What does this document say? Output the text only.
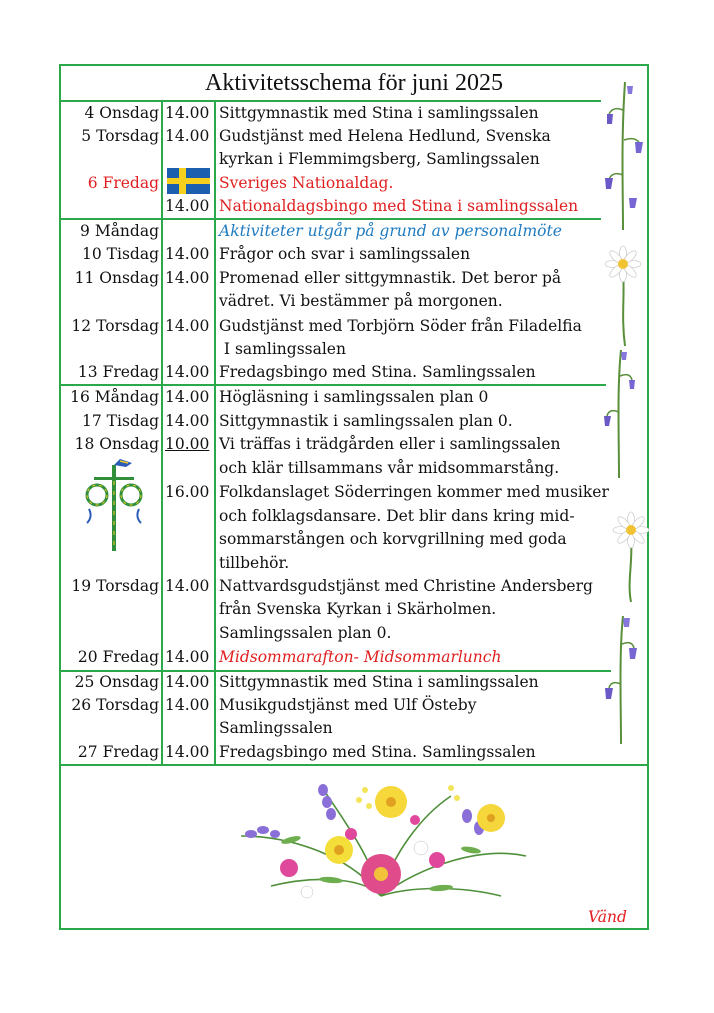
Aktivitetsschema för juni 2025
4 Onsdag 14.00 Sittgymnastik med Stina i samlingssalen
5 Torsdag 14.00 Gudstjänst med Helena Hedlund, Svenska
kyrkan i Flemmimgsberg, Samlingssalen
6 Fredag	Sveriges Nationaldag.
14.00 Nationaldagsbingo med Stina i samlingssalen
9 Måndag	Aktiviteter utgår på grund av personalmöte
10 Tisdag 14.00 Frågor och svar i samlingssalen
11 Onsdag 14.00 Promenad eller sittgymnastik. Det beror på
vädret. Vi bestämmer på morgonen.
12 Torsdag 14.00 Gudstjänst med Torbjörn Söder från Filadelfia
I samlingssalen
13 Fredag 14.00 Fredagsbingo med Stina. Samlingssalen
16 Måndag 14.00 Högläsning i samlingssalen plan 0
17 Tisdag 14.00 Sittgymnastik i samlingssalen plan 0.
18 Onsdag 10.00 Vi träffas i trädgården eller i samlingssalen
och klär tillsammans vår midsommarstång.
16.00 Folkdanslaget Söderringen kommer med musiker
och folklagsdansare. Det blir dans kring mid-
sommarstången och korvgrillning med goda
tillbehör.
19 Torsdag 14.00 Nattvardsgudstjänst med Christine Andersberg
från Svenska Kyrkan i Skärholmen.
Samlingssalen plan 0.
20 Fredag 14.00 Midsommarafton- Midsommarlunch
25 Onsdag 14.00 Sittgymnastik med Stina i samlingssalen
26 Torsdag 14.00 Musikgudstjänst med Ulf Östeby
Samlingssalen
27 Fredag 14.00 Fredagsbingo med Stina. Samlingssalen
Vänd
